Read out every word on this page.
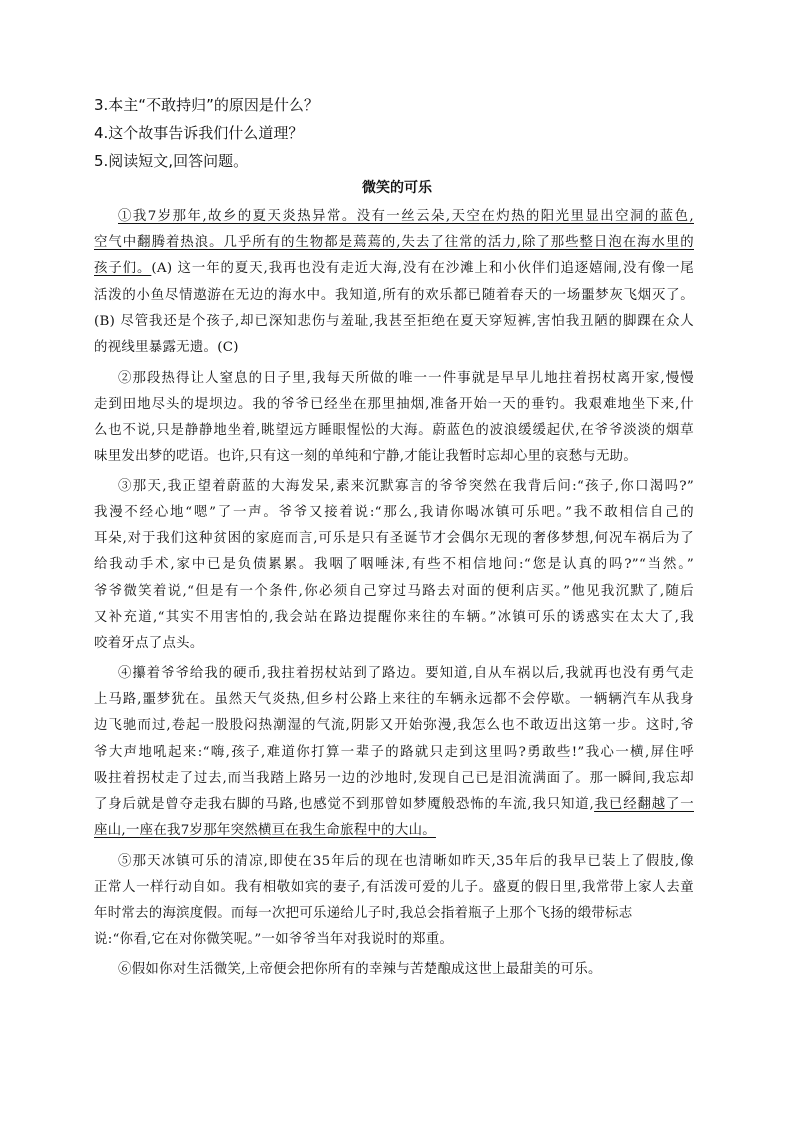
3.本主“不敢持归”的原因是什么？
4.这个故事告诉我们什么道理？
5.阅读短文,回答问题。
微笑的可乐
①我7岁那年,故乡的夏天炎热异常。没有一丝云朵,天空在灼热的阳光里显出空洞的蓝色,
空气中翻腾着热浪。几乎所有的生物都是蔫蔫的,失去了往常的活力,除了那些整日泡在海水里的
孩子们。(A) 这一年的夏天,我再也没有走近大海,没有在沙滩上和小伙伴们追逐嬉闹,没有像一尾
活泼的小鱼尽情遨游在无边的海水中。我知道,所有的欢乐都已随着春天的一场噩梦灰飞烟灭了。
(B) 尽管我还是个孩子,却已深知悲伤与羞耻,我甚至拒绝在夏天穿短裤,害怕我丑陋的脚踝在众人
的视线里暴露无遗。(C)
②那段热得让人窒息的日子里,我每天所做的唯一一件事就是早早儿地拄着拐杖离开家,慢慢
走到田地尽头的堤坝边。我的爷爷已经坐在那里抽烟,准备开始一天的垂钓。我艰难地坐下来,什
么也不说,只是静静地坐着,眺望远方睡眼惺忪的大海。蔚蓝色的波浪缓缓起伏,在爷爷淡淡的烟草
味里发出梦的呓语。也许,只有这一刻的单纯和宁静,才能让我暂时忘却心里的哀愁与无助。
③那天,我正望着蔚蓝的大海发呆,素来沉默寡言的爷爷突然在我背后问:“孩子,你口渴吗?”
我漫不经心地“嗯”了一声。爷爷又接着说:“那么,我请你喝冰镇可乐吧。”我不敢相信自己的
耳朵,对于我们这种贫困的家庭而言,可乐是只有圣诞节才会偶尔无现的奢侈梦想,何况车祸后为了
给我动手术,家中已是负债累累。我咽了咽唾沫,有些不相信地问:“您是认真的吗?”“当然。”
爷爷微笑着说,“但是有一个条件,你必须自己穿过马路去对面的便利店买。”他见我沉默了,随后
又补充道,“其实不用害怕的,我会站在路边提醒你来往的车辆。”冰镇可乐的诱惑实在太大了,我
咬着牙点了点头。
④攥着爷爷给我的硬币,我拄着拐杖站到了路边。要知道,自从车祸以后,我就再也没有勇气走
上马路,噩梦犹在。虽然天气炎热,但乡村公路上来往的车辆永远都不会停歇。一辆辆汽车从我身
边飞驰而过,卷起一股股闷热潮湿的气流,阴影又开始弥漫,我怎么也不敢迈出这第一步。这时,爷
爷大声地吼起来:“嗨,孩子,难道你打算一辈子的路就只走到这里吗?勇敢些!”我心一横,屏住呼
吸拄着拐杖走了过去,而当我踏上路另一边的沙地时,发现自己已是泪流满面了。那一瞬间,我忘却
了身后就是曾夺走我右脚的马路,也感觉不到那曾如梦魇般恐怖的车流,我只知道,我已经翻越了一
座山,一座在我7岁那年突然横亘在我生命旅程中的大山。
⑤那天冰镇可乐的清凉,即使在35年后的现在也清晰如昨天,35年后的我早已装上了假肢,像
正常人一样行动自如。我有相敬如宾的妻子,有活泼可爱的儿子。盛夏的假日里,我常带上家人去童
年时常去的海滨度假。而每一次把可乐递给儿子时,我总会指着瓶子上那个飞扬的缎带标志
说:“你看,它在对你微笑呢。”一如爷爷当年对我说时的郑重。
⑥假如你对生活微笑,上帝便会把你所有的幸辣与苦楚酿成这世上最甜美的可乐。
